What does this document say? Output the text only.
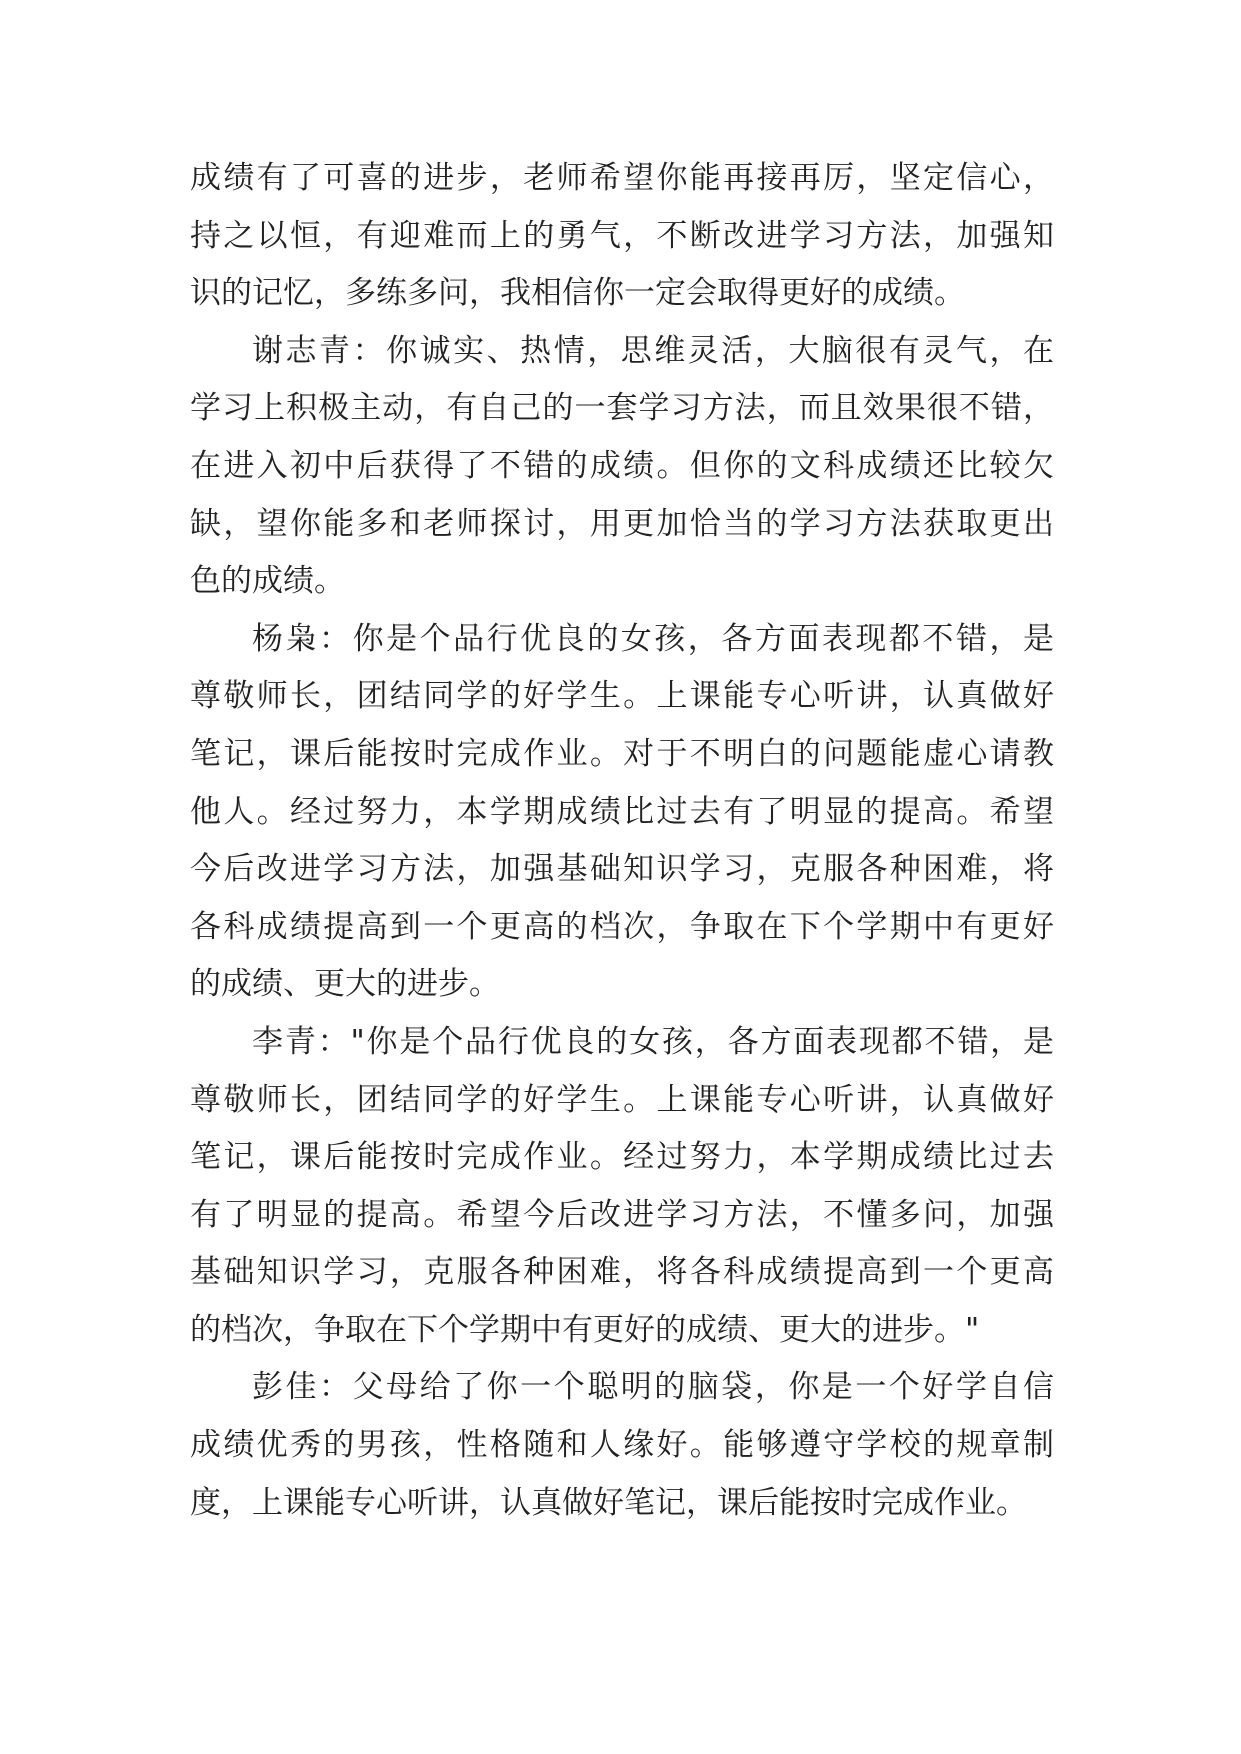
成绩有了可喜的进步，老师希望你能再接再厉，坚定信心，
持之以恒，有迎难而上的勇气，不断改进学习方法，加强知
识的记忆，多练多问，我相信你一定会取得更好的成绩。
谢志青：你诚实、热情，思维灵活，大脑很有灵气，在
学习上积极主动，有自己的一套学习方法，而且效果很不错，
在进入初中后获得了不错的成绩。但你的文科成绩还比较欠
缺，望你能多和老师探讨，用更加恰当的学习方法获取更出
色的成绩。
杨枭：你是个品行优良的女孩，各方面表现都不错，是
尊敬师长，团结同学的好学生。上课能专心听讲，认真做好
笔记，课后能按时完成作业。对于不明白的问题能虚心请教
他人。经过努力，本学期成绩比过去有了明显的提高。希望
今后改进学习方法，加强基础知识学习，克服各种困难，将
各科成绩提高到一个更高的档次，争取在下个学期中有更好
的成绩、更大的进步。
李青："你是个品行优良的女孩，各方面表现都不错，是
尊敬师长，团结同学的好学生。上课能专心听讲，认真做好
笔记，课后能按时完成作业。经过努力，本学期成绩比过去
有了明显的提高。希望今后改进学习方法，不懂多问，加强
基础知识学习，克服各种困难，将各科成绩提高到一个更高
的档次，争取在下个学期中有更好的成绩、更大的进步。"
彭佳：父母给了你一个聪明的脑袋，你是一个好学自信
成绩优秀的男孩，性格随和人缘好。能够遵守学校的规章制
度，上课能专心听讲，认真做好笔记，课后能按时完成作业。
